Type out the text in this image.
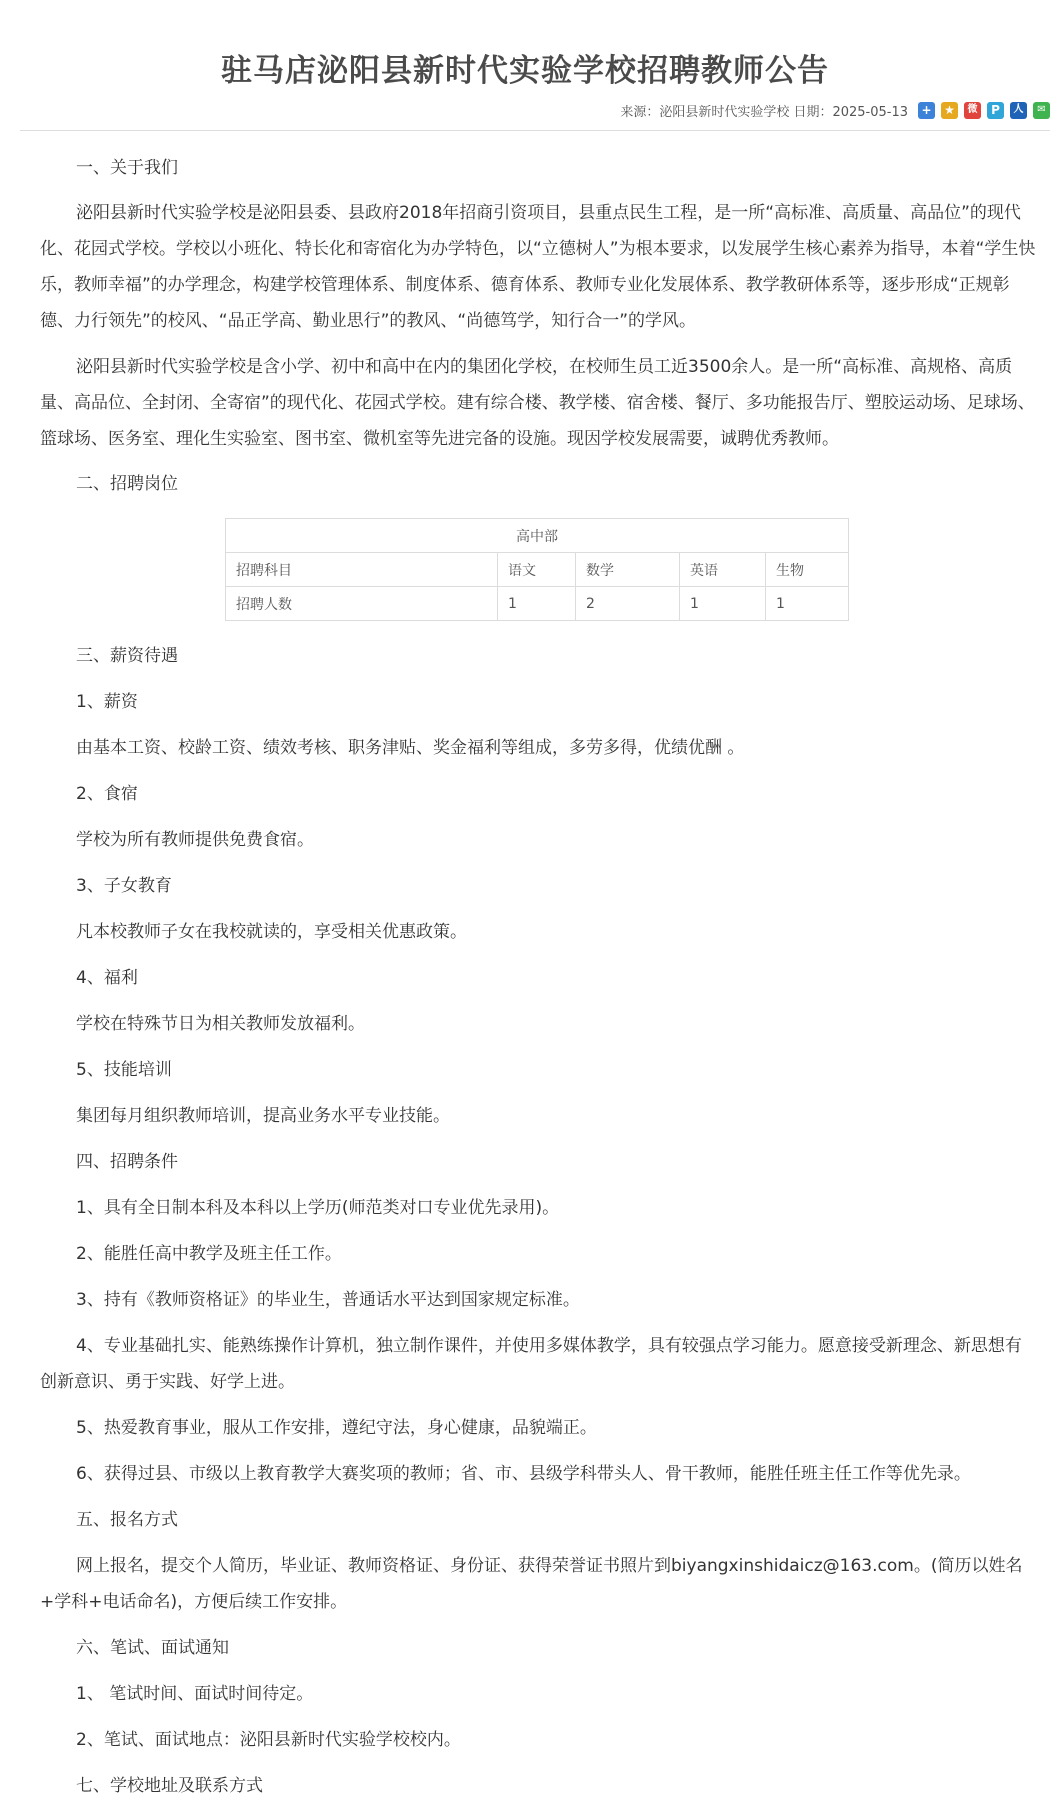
驻马店泌阳县新时代实验学校招聘教师公告
来源：泌阳县新时代实验学校 日期：2025-05-13 + ★	微	P	人	✉

一、关于我们

泌阳县新时代实验学校是泌阳县委、县政府2018年招商引资项目，县重点民生工程，是一所“高标准、高质量、高品位”的现代化、花园式学校。学校以小班化、特长化和寄宿化为办学特色，以“立德树人”为根本要求，以发展学生核心素养为指导，本着“学生快乐，教师幸福”的办学理念，构建学校管理体系、制度体系、德育体系、教师专业化发展体系、教学教研体系等，逐步形成“正规彰德、力行领先”的校风、“品正学高、勤业思行”的教风、“尚德笃学，知行合一”的学风。

泌阳县新时代实验学校是含小学、初中和高中在内的集团化学校，在校师生员工近3500余人。是一所“高标准、高规格、高质量、高品位、全封闭、全寄宿”的现代化、花园式学校。建有综合楼、教学楼、宿舍楼、餐厅、多功能报告厅、塑胶运动场、足球场、篮球场、医务室、理化生实验室、图书室、微机室等先进完备的设施。现因学校发展需要，诚聘优秀教师。

二、招聘岗位

高中部				
招聘科目	语文	数学	英语	生物
招聘人数	1	2	1	1

三、薪资待遇

1、薪资

由基本工资、校龄工资、绩效考核、职务津贴、奖金福利等组成，多劳多得，优绩优酬 。

2、食宿

学校为所有教师提供免费食宿。

3、子女教育

凡本校教师子女在我校就读的，享受相关优惠政策。

4、福利

学校在特殊节日为相关教师发放福利。

5、技能培训

集团每月组织教师培训，提高业务水平专业技能。

四、招聘条件

1、具有全日制本科及本科以上学历(师范类对口专业优先录用)。

2、能胜任高中教学及班主任工作。

3、持有《教师资格证》的毕业生，普通话水平达到国家规定标准。

4、专业基础扎实、能熟练操作计算机，独立制作课件，并使用多媒体教学，具有较强点学习能力。愿意接受新理念、新思想有创新意识、勇于实践、好学上进。

5、热爱教育事业，服从工作安排，遵纪守法，身心健康，品貌端正。

6、获得过县、市级以上教育教学大赛奖项的教师；省、市、县级学科带头人、骨干教师，能胜任班主任工作等优先录。

五、报名方式

网上报名，提交个人简历，毕业证、教师资格证、身份证、获得荣誉证书照片到biyangxinshidaicz@163.com。(简历以姓名+学科+电话命名)，方便后续工作安排。

六、笔试、面试通知

1、 笔试时间、面试时间待定。

2、笔试、面试地点：泌阳县新时代实验学校校内。

七、学校地址及联系方式
